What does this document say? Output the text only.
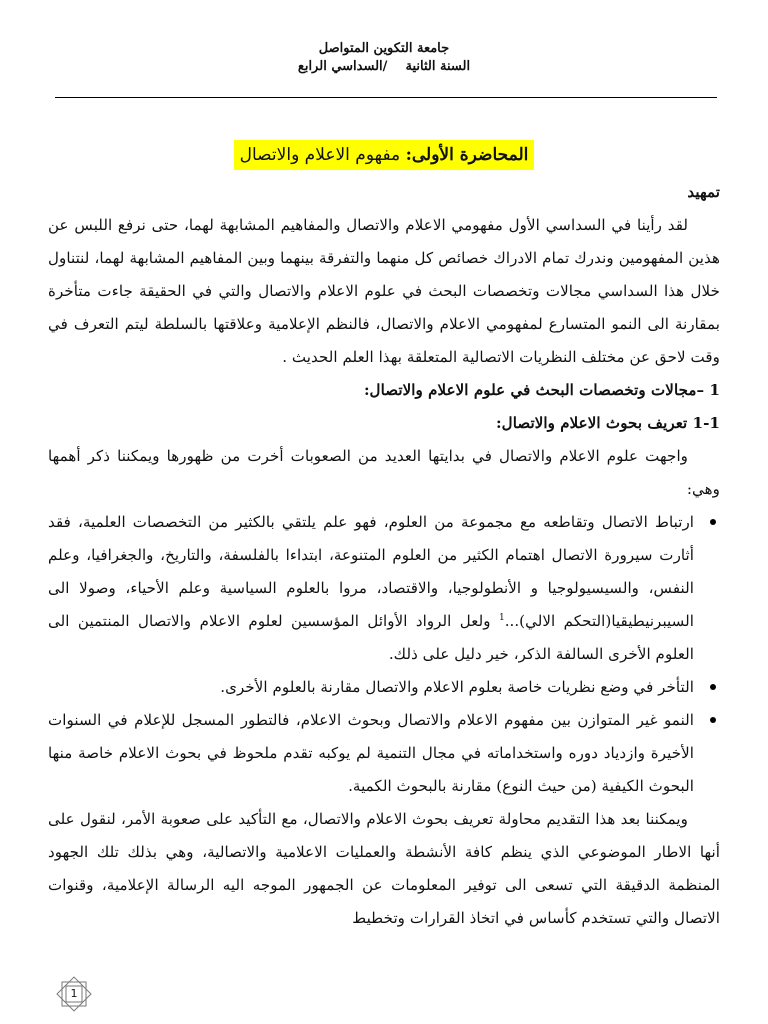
جامعة التكوين المتواصل
السنة الثانية    /السداسي الرابع
المحاضرة الأولى: مفهوم الاعلام والاتصال

تمهيد

لقد رأينا في السداسي الأول مفهومي الاعلام والاتصال والمفاهيم المشابهة لهما، حتى نرفع اللبس عن هذين المفهومين وندرك تمام الادراك خصائص كل منهما والتفرقة بينهما وبين المفاهيم المشابهة لهما، لنتناول خلال هذا السداسي مجالات وتخصصات البحث في علوم الاعلام والاتصال والتي في الحقيقة جاءت متأخرة بمقارنة الى النمو المتسارع لمفهومي الاعلام والاتصال، فالنظم الإعلامية وعلاقتها بالسلطة ليتم التعرف في وقت لاحق عن مختلف النظريات الاتصالية المتعلقة بهذا العلم الحديث .

1 –مجالات وتخصصات البحث في علوم الاعلام والاتصال:

1-1 تعريف بحوث الاعلام والاتصال:

واجهت علوم الاعلام والاتصال في بدايتها العديد من الصعوبات أخرت من ظهورها ويمكننا ذكر أهمها وهي:

ارتباط الاتصال وتقاطعه مع مجموعة من العلوم، فهو علم يلتقي بالكثير من التخصصات العلمية، فقد أثارت سيرورة الاتصال اهتمام الكثير من العلوم المتنوعة، ابتداءا بالفلسفة، والتاريخ، والجغرافيا، وعلم النفس، والسيسيولوجيا و الأنطولوجيا، والاقتصاد، مروا بالعلوم السياسية وعلم الأحياء، وصولا الى السيبرنيطيقيا(التحكم الالي)...$^1$ ولعل الرواد الأوائل المؤسسين لعلوم الاعلام والاتصال المنتمين الى العلوم الأخرى السالفة الذكر، خير دليل على ذلك.
التأخر في وضع نظريات خاصة بعلوم الاعلام والاتصال مقارنة بالعلوم الأخرى.
النمو غير المتوازن بين مفهوم الاعلام والاتصال وبحوث الاعلام، فالتطور المسجل للإعلام في السنوات الأخيرة وازدياد دوره واستخداماته في مجال التنمية لم يوكبه تقدم ملحوظ في بحوث الاعلام خاصة منها البحوث الكيفية (من حيث النوع) مقارنة بالبحوث الكمية.

ويمكننا بعد هذا التقديم محاولة تعريف بحوث الاعلام والاتصال، مع التأكيد على صعوبة الأمر، لنقول على أنها الاطار الموضوعي الذي ينظم كافة الأنشطة والعمليات الاعلامية والاتصالية، وهي بذلك تلك الجهود المنظمة الدقيقة التي تسعى الى توفير المعلومات عن الجمهور الموجه اليه الرسالة الإعلامية، وقنوات الاتصال والتي تستخدم كأساس في اتخاذ القرارات وتخطيط

1
